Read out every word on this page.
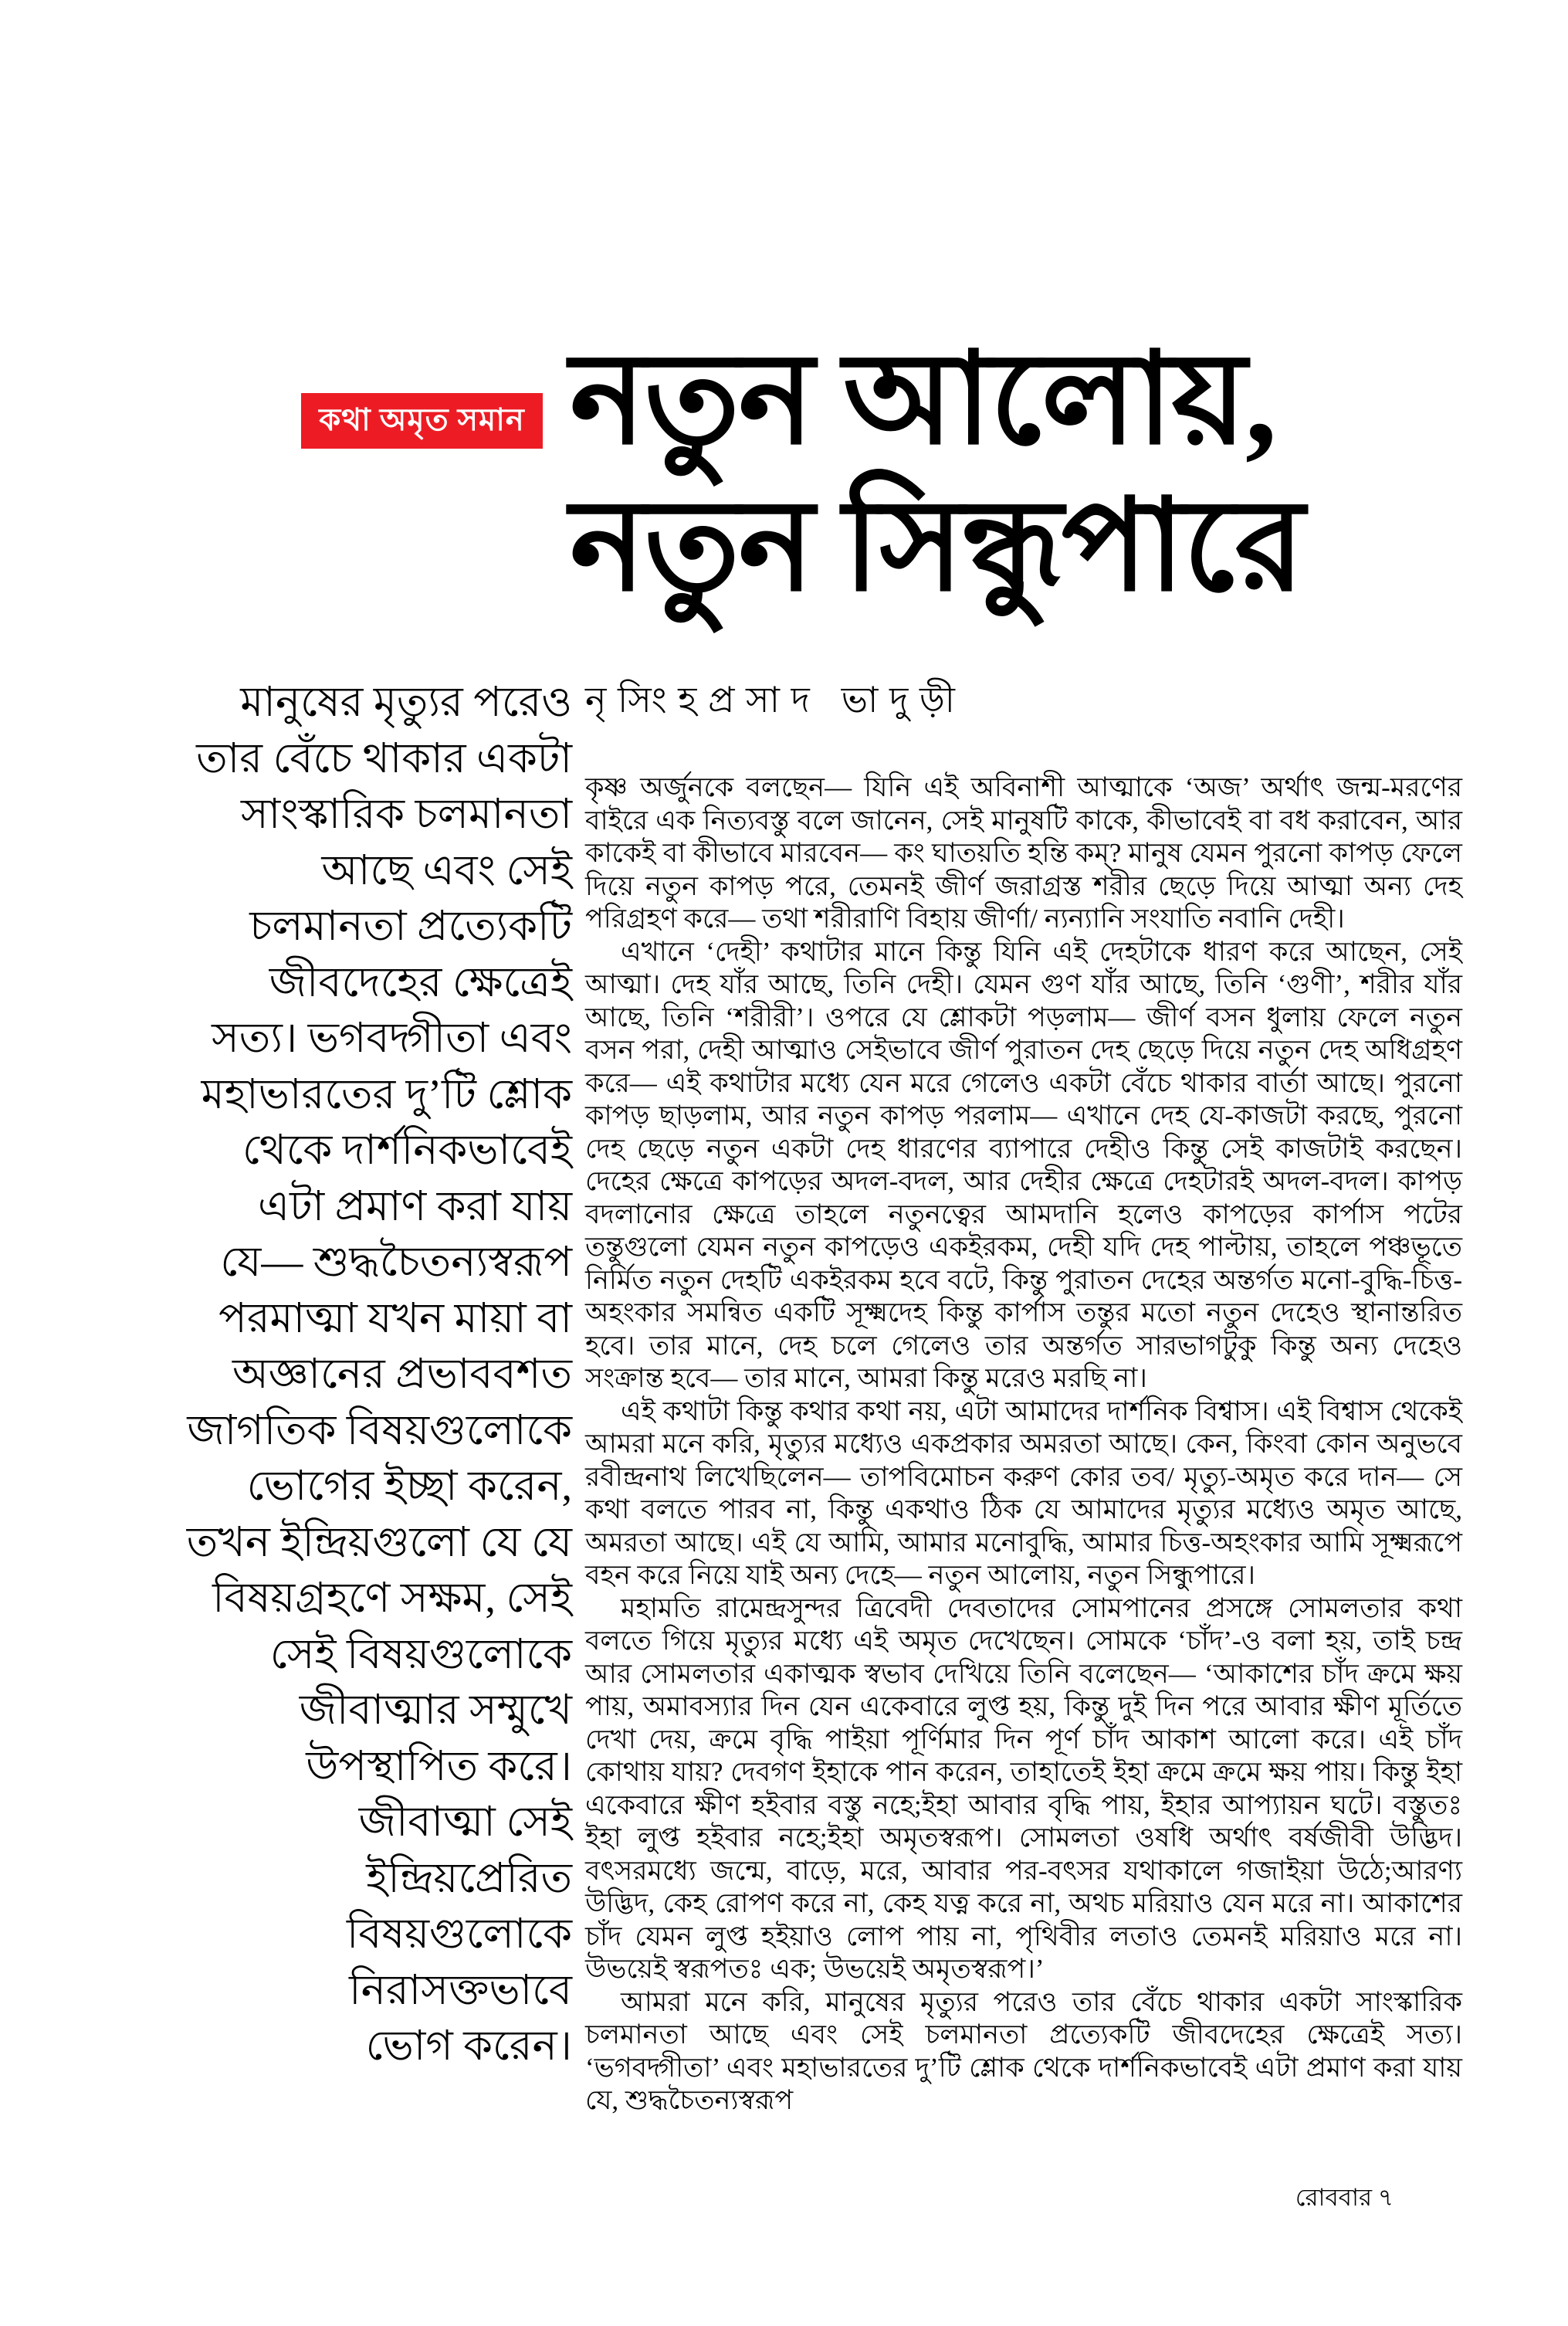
কথা অমৃত সমান নতুন আলোয়,
নতুন সিন্ধুপারে
নৃসিংহপ্রসাদ ভাদুড়ী
মানুষের মৃত্যুর পরেও
তার বেঁচে থাকার একটা
সাংস্কারিক চলমানতা
আছে এবং সেই
চলমানতা প্রত্যেকটি
জীবদেহের ক্ষেত্রেই
সত্য। ভগবদ্গীতা এবং
মহাভারতের দু’টি শ্লোক
থেকে দার্শনিকভাবেই
এটা প্রমাণ করা যায়
যে— শুদ্ধচৈতন্যস্বরূপ
পরমাত্মা যখন মায়া বা
অজ্ঞানের প্রভাববশত
জাগতিক বিষয়গুলোকে
ভোগের ইচ্ছা করেন,
তখন ইন্দ্রিয়গুলো যে যে
বিষয়গ্রহণে সক্ষম, সেই
সেই বিষয়গুলোকে
জীবাত্মার সম্মুখে
উপস্থাপিত করে।
জীবাত্মা সেই
ইন্দ্রিয়প্রেরিত
বিষয়গুলোকে
নিরাসক্তভাবে
ভোগ করেন।

কৃষ্ণ অর্জুনকে বলছেন— যিনি এই অবিনাশী আত্মাকে ‘অজ’ অর্থাৎ জন্ম-মরণের বাইরে এক নিত্যবস্তু বলে জানেন, সেই মানুষটি কাকে, কীভাবেই বা বধ করাবেন, আর কাকেই বা কীভাবে মারবেন— কং ঘাতয়তি হন্তি কম্? মানুষ যেমন পুরনো কাপড় ফেলে দিয়ে নতুন কাপড় পরে, তেমনই জীর্ণ জরাগ্রস্ত শরীর ছেড়ে দিয়ে আত্মা অন্য দেহ পরিগ্রহণ করে— তথা শরীরাণি বিহায় জীর্ণা/ ন্যন্যানি সংযাতি নবানি দেহী।

এখানে ‘দেহী’ কথাটার মানে কিন্তু যিনি এই দেহটাকে ধারণ করে আছেন, সেই আত্মা। দেহ যাঁর আছে, তিনি দেহী। যেমন গুণ যাঁর আছে, তিনি ‘গুণী’, শরীর যাঁর আছে, তিনি ‘শরীরী’। ওপরে যে শ্লোকটা পড়লাম— জীর্ণ বসন ধুলায় ফেলে নতুন বসন পরা, দেহী আত্মাও সেইভাবে জীর্ণ পুরাতন দেহ ছেড়ে দিয়ে নতুন দেহ অধিগ্রহণ করে— এই কথাটার মধ্যে যেন মরে গেলেও একটা বেঁচে থাকার বার্তা আছে। পুরনো কাপড় ছাড়লাম, আর নতুন কাপড় পরলাম— এখানে দেহ যে-কাজটা করছে, পুরনো দেহ ছেড়ে নতুন একটা দেহ ধারণের ব্যাপারে দেহীও কিন্তু সেই কাজটাই করছেন। দেহের ক্ষেত্রে কাপড়ের অদল-বদল, আর দেহীর ক্ষেত্রে দেহটারই অদল-বদল। কাপড় বদলানোর ক্ষেত্রে তাহলে নতুনত্বের আমদানি হলেও কাপড়ের কার্পাস পটের তন্তুগুলো যেমন নতুন কাপড়েও একইরকম, দেহী যদি দেহ পাল্টায়, তাহলে পঞ্চভূতে নির্মিত নতুন দেহটি একইরকম হবে বটে, কিন্তু পুরাতন দেহের অন্তর্গত মনো-বুদ্ধি-চিত্ত-অহংকার সমন্বিত একটি সূক্ষ্মদেহ কিন্তু কার্পাস তন্তুর মতো নতুন দেহেও স্থানান্তরিত হবে। তার মানে, দেহ চলে গেলেও তার অন্তর্গত সারভাগটুকু কিন্তু অন্য দেহেও সংক্রান্ত হবে— তার মানে, আমরা কিন্তু মরেও মরছি না।

এই কথাটা কিন্তু কথার কথা নয়, এটা আমাদের দার্শনিক বিশ্বাস। এই বিশ্বাস থেকেই আমরা মনে করি, মৃত্যুর মধ্যেও একপ্রকার অমরতা আছে। কেন, কিংবা কোন অনুভবে রবীন্দ্রনাথ লিখেছিলেন— তাপবিমোচন করুণ কোর তব/ মৃত্যু-অমৃত করে দান— সে কথা বলতে পারব না, কিন্তু একথাও ঠিক যে আমাদের মৃত্যুর মধ্যেও অমৃত আছে, অমরতা আছে। এই যে আমি, আমার মনোবুদ্ধি, আমার চিত্ত-অহংকার আমি সূক্ষ্মরূপে বহন করে নিয়ে যাই অন্য দেহে— নতুন আলোয়, নতুন সিন্ধুপারে।

মহামতি রামেন্দ্রসুন্দর ত্রিবেদী দেবতাদের সোমপানের প্রসঙ্গে সোমলতার কথা বলতে গিয়ে মৃত্যুর মধ্যে এই অমৃত দেখেছেন। সোমকে ‘চাঁদ’-ও বলা হয়, তাই চন্দ্র আর সোমলতার একাত্মক স্বভাব দেখিয়ে তিনি বলেছেন— ‘আকাশের চাঁদ ক্রমে ক্ষয় পায়, অমাবস্যার দিন যেন একেবারে লুপ্ত হয়, কিন্তু দুই দিন পরে আবার ক্ষীণ মূর্তিতে দেখা দেয়, ক্রমে বৃদ্ধি পাইয়া পূর্ণিমার দিন পূর্ণ চাঁদ আকাশ আলো করে। এই চাঁদ কোথায় যায়? দেবগণ ইহাকে পান করেন, তাহাতেই ইহা ক্রমে ক্রমে ক্ষয় পায়। কিন্তু ইহা একেবারে ক্ষীণ হইবার বস্তু নহে;ইহা আবার বৃদ্ধি পায়, ইহার আপ্যায়ন ঘটে। বস্তুতঃ ইহা লুপ্ত হইবার নহে;ইহা অমৃতস্বরূপ। সোমলতা ওষধি অর্থাৎ বর্ষজীবী উদ্ভিদ। বৎসরমধ্যে জন্মে, বাড়ে, মরে, আবার পর-বৎসর যথাকালে গজাইয়া উঠে;আরণ্য উদ্ভিদ, কেহ রোপণ করে না, কেহ যত্ন করে না, অথচ মরিয়াও যেন মরে না। আকাশের চাঁদ যেমন লুপ্ত হইয়াও লোপ পায় না, পৃথিবীর লতাও তেমনই মরিয়াও মরে না। উভয়েই স্বরূপতঃ এক; উভয়েই অমৃতস্বরূপ।’

আমরা মনে করি, মানুষের মৃত্যুর পরেও তার বেঁচে থাকার একটা সাংস্কারিক চলমানতা আছে এবং সেই চলমানতা প্রত্যেকটি জীবদেহের ক্ষেত্রেই সত্য। ‘ভগবদ্গীতা’ এবং মহাভারতের দু’টি শ্লোক থেকে দার্শনিকভাবেই এটা প্রমাণ করা যায় যে, শুদ্ধচৈতন্যস্বরূপ

রোববার ৭
